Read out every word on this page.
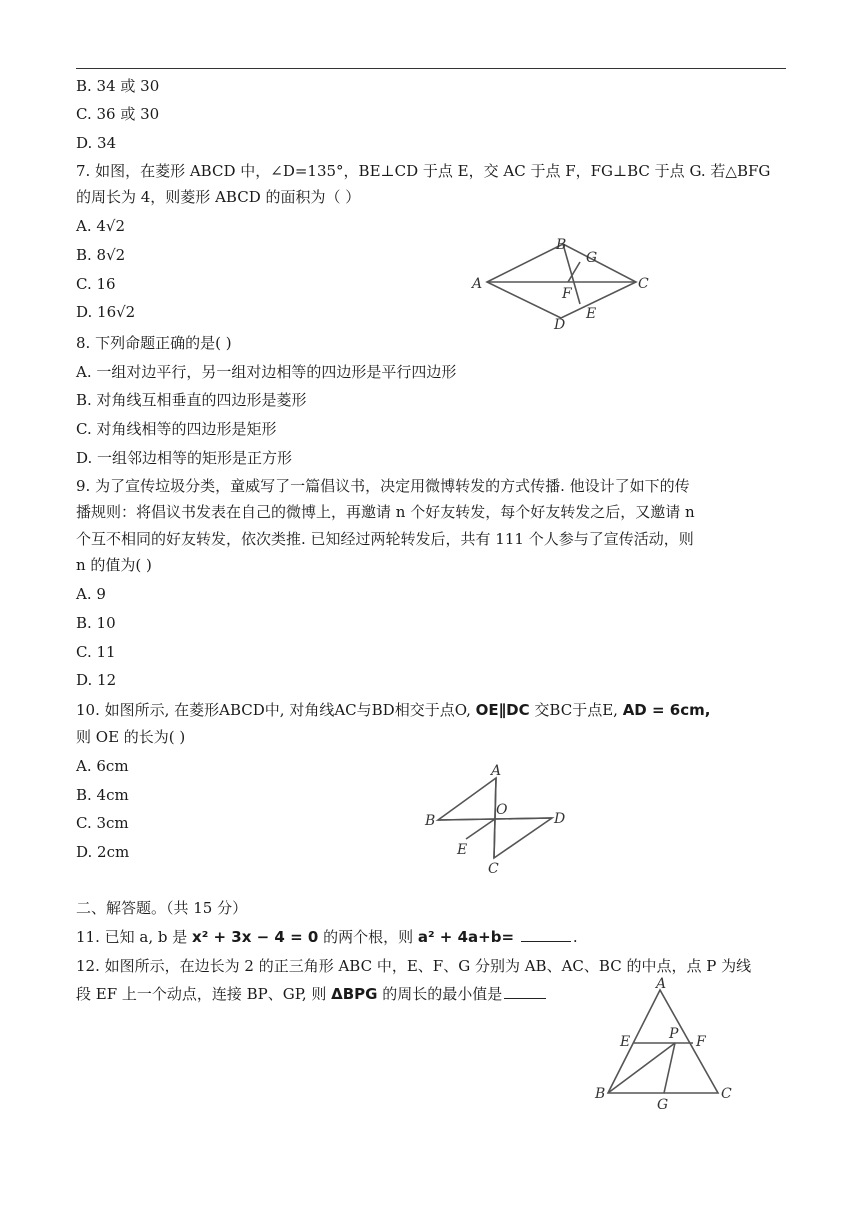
B. 34 或 30
C. 36 或 30
D. 34
7. 如图，在菱形 ABCD 中，∠D=135°，BE⊥CD 于点 E，交 AC 于点 F，FG⊥BC 于点 G. 若△BFG
的周长为 4，则菱形 ABCD 的面积为（ ）
A. 4√2
B. 8√2
C. 16
D. 16√2
A
B
G
C
F
D
E
8. 下列命题正确的是( )
A. 一组对边平行，另一组对边相等的四边形是平行四边形
B. 对角线互相垂直的四边形是菱形
C. 对角线相等的四边形是矩形
D. 一组邻边相等的矩形是正方形
9. 为了宣传垃圾分类，童威写了一篇倡议书，决定用微博转发的方式传播. 他设计了如下的传
播规则：将倡议书发表在自己的微博上，再邀请 n 个好友转发，每个好友转发之后，又邀请 n
个互不相同的好友转发，依次类推. 已知经过两轮转发后，共有 111 个人参与了宣传活动，则
n 的值为( )
A. 9
B. 10
C. 11
D. 12
10. 如图所示, 在菱形ABCD中, 对角线AC与BD相交于点O, OE∥DC 交BC于点E, AD = 6cm,
则 OE 的长为( )
A. 6cm
B. 4cm
C. 3cm
D. 2cm
A
B
O
D
E
C
二、解答题。（共 15 分）
11. 已知 a, b 是 x² + 3x − 4 = 0 的两个根，则 a² + 4a+b=	.
12. 如图所示，在边长为 2 的正三角形 ABC 中，E、F、G 分别为 AB、AC、BC 的中点，点 P 为线
段 EF 上一个动点，连接 BP、GP, 则 ΔBPG 的周长的最小值是
A
E	P F
B
G
C
